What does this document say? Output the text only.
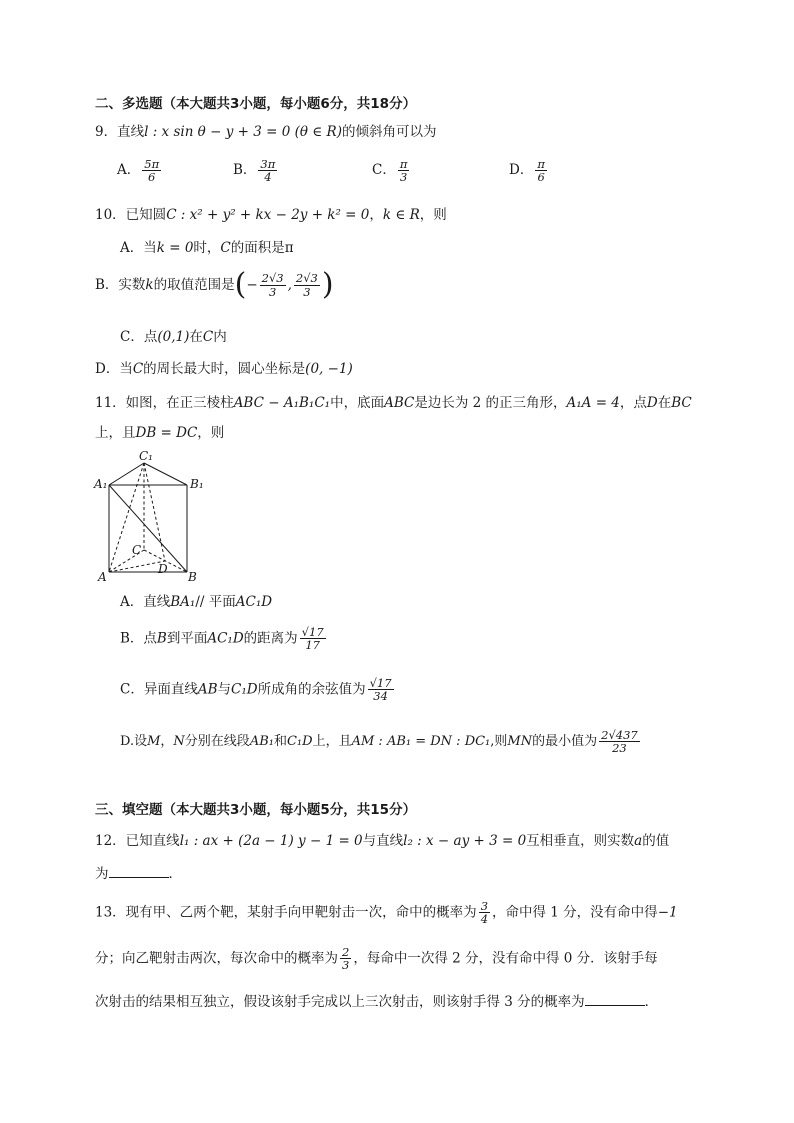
二、多选题（本大题共3小题，每小题6分，共18分）
9．直线l : x sin θ − y + 3 = 0 (θ ∈ R)的倾斜角可以为
A． $\frac{5\pi}{6}$	B． $\frac{3\pi}{4}$	C． $\frac{\pi}{3}$	D． $\frac{\pi}{6}$
10．已知圆C : x² + y² + kx − 2y + k² = 0，k ∈ R，则
A．当k = 0时，C的面积是π
B．实数k的取值范围是(− $\frac{2√3}{3}$ , $\frac{2√3}{3}$ )
C．点(0,1)在C内
D．当C的周长最大时，圆心坐标是(0, −1)
11．如图，在正三棱柱ABC − A₁B₁C₁中，底面ABC是边长为 2 的正三角形，A₁A = 4，点D在BC
上，且DB = DC，则
C₁
A₁	B₁
C
D
A	B
A．直线BA₁// 平面AC₁D
B．点B到平面AC₁D的距离为 $\frac{√17}{17}$
C．异面直线AB与C₁D所成角的余弦值为 $\frac{√17}{34}$
D.设M，N分别在线段AB₁和C₁D上，且AM : AB₁ = DN : DC₁,则MN的最小值为 $\frac{2√437}{23}$
三、填空题（本大题共3小题，每小题5分，共15分）
12．已知直线l₁ : ax + (2a − 1) y − 1 = 0与直线l₂ : x − ay + 3 = 0互相垂直，则实数a的值
为	．
13．现有甲、乙两个靶，某射手向甲靶射击一次，命中的概率为 $\frac{3}{4}$ ，命中得 1 分，没有命中得−1
分；向乙靶射击两次，每次命中的概率为 $\frac{2}{3}$ ，每命中一次得 2 分，没有命中得 0 分．该射手每
次射击的结果相互独立，假设该射手完成以上三次射击，则该射手得 3 分的概率为	．
